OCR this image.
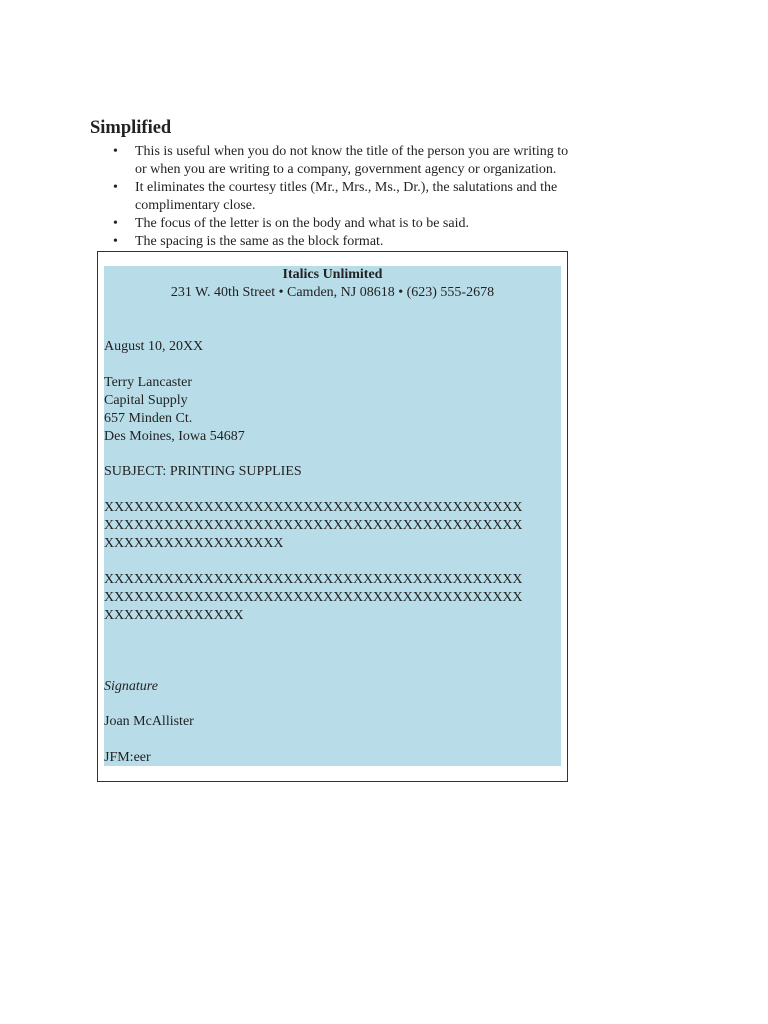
Simplified
• This is useful when you do not know the title of the person you are writing to
or when you are writing to a company, government agency or organization.
• It eliminates the courtesy titles (Mr., Mrs., Ms., Dr.), the salutations and the
complimentary close.
• The focus of the letter is on the body and what is to be said.
• The spacing is the same as the block format.
Italics Unlimited
231 W. 40th Street • Camden, NJ 08618 • (623) 555-2678
August 10, 20XX
Terry Lancaster
Capital Supply
657 Minden Ct.
Des Moines, Iowa 54687
SUBJECT: PRINTING SUPPLIES
XXXXXXXXXXXXXXXXXXXXXXXXXXXXXXXXXXXXXXXXXX
XXXXXXXXXXXXXXXXXXXXXXXXXXXXXXXXXXXXXXXXXX
XXXXXXXXXXXXXXXXXX
XXXXXXXXXXXXXXXXXXXXXXXXXXXXXXXXXXXXXXXXXX
XXXXXXXXXXXXXXXXXXXXXXXXXXXXXXXXXXXXXXXXXX
XXXXXXXXXXXXXX
Signature
Joan McAllister
JFM:eer
